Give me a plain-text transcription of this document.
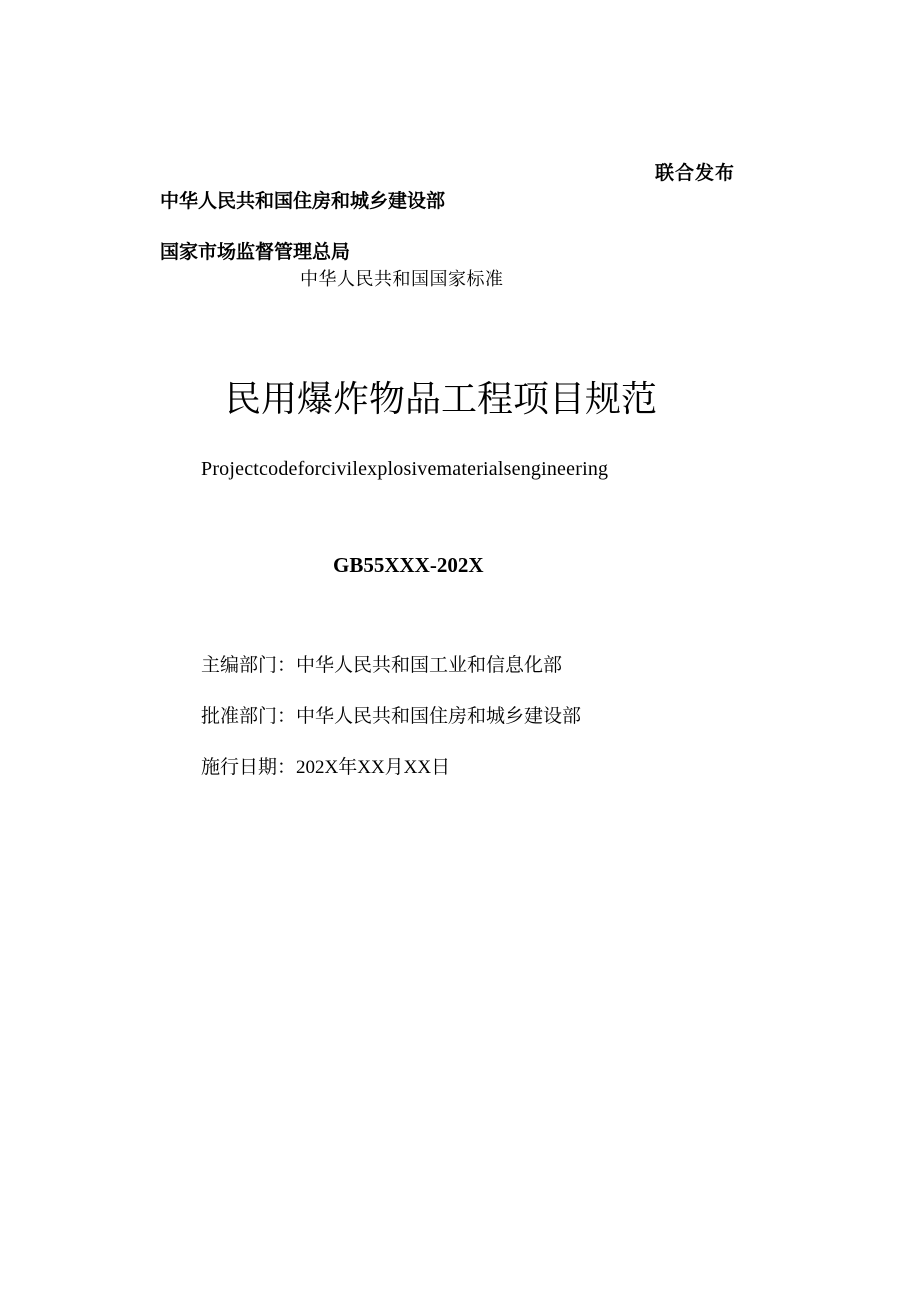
联合发布
中华人民共和国住房和城乡建设部
国家市场监督管理总局
中华人民共和国国家标准
民用爆炸物品工程项目规范
Projectcodeforcivilexplosivematerialsengineering
GB55XXX-202X
主编部门：中华人民共和国工业和信息化部
批准部门：中华人民共和国住房和城乡建设部
施行日期：202X年XX月XX日
